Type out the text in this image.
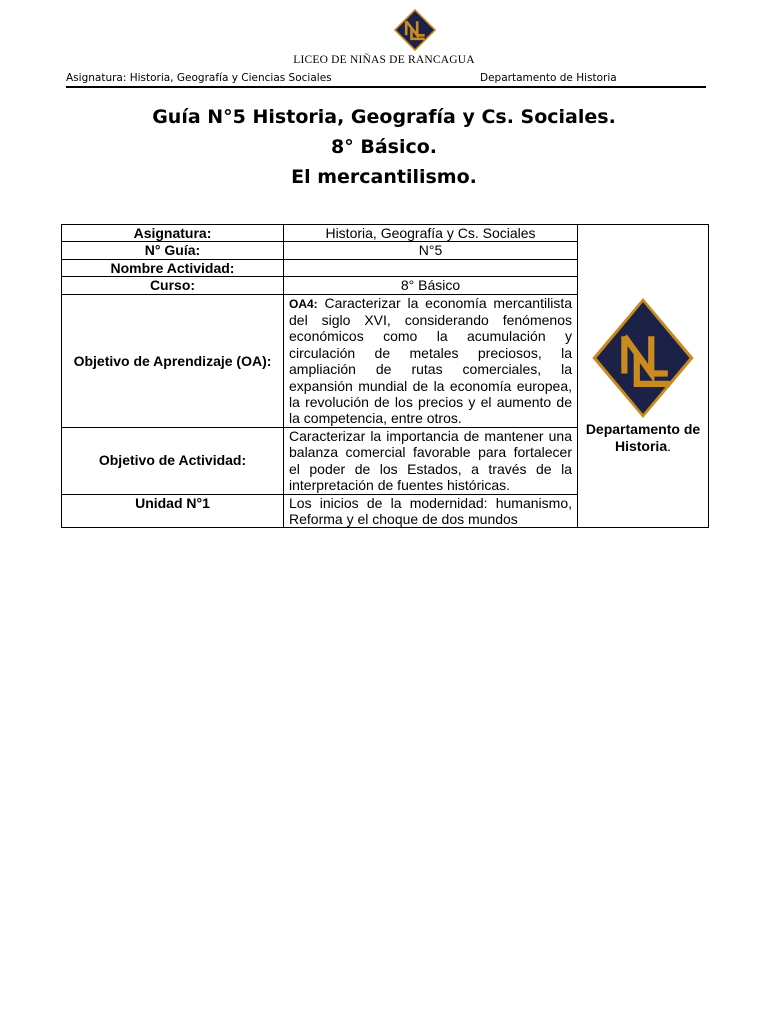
LICEO DE NIÑAS DE RANCAGUA
Asignatura: Historia, Geografía y Ciencias Sociales	Departamento de Historia
Guía N°5 Historia, Geografía y Cs. Sociales.
8° Básico.
El mercantilismo.
Asignatura:	Historia, Geografía y Cs. Sociales	Departamento de Historia.
N° Guía:	N°5	
Nombre Actividad:		
Curso:	8° Básico	
Objetivo de Aprendizaje (OA):	OA4: Caracterizar la economía mercantilista del siglo XVI, considerando fenómenos económicos como la acumulación y circulación de metales preciosos, la ampliación de rutas comerciales, la expansión mundial de la economía europea, la revolución de los precios y el aumento de la competencia, entre otros.	
Objetivo de Actividad:	Caracterizar la importancia de mantener una balanza comercial favorable para fortalecer el poder de los Estados, a través de la interpretación de fuentes históricas.	
Unidad N°1	Los inicios de la modernidad: humanismo, Reforma y el choque de dos mundos	
